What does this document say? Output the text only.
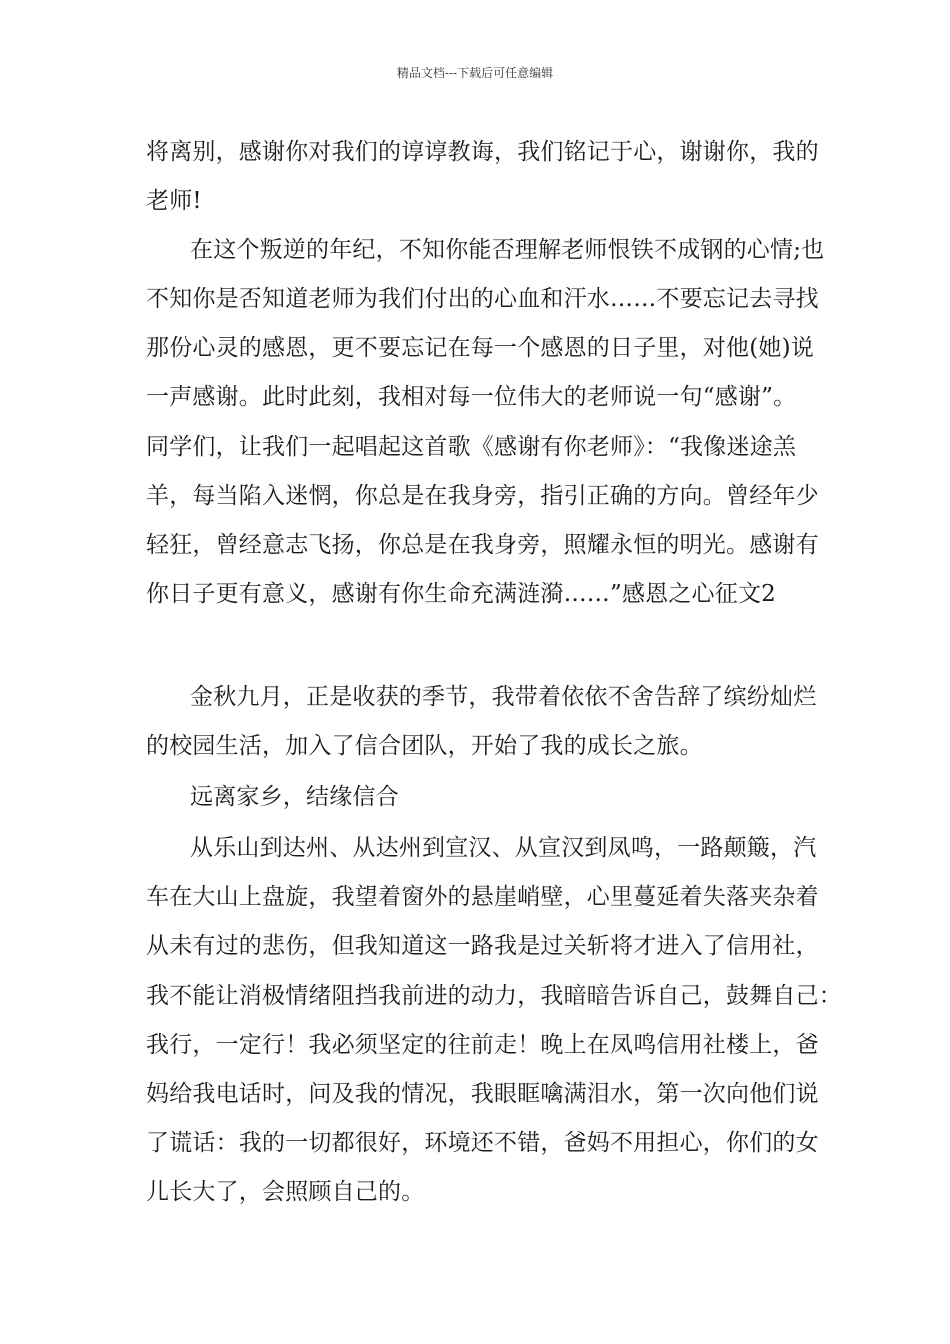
精品文档---下载后可任意编辑
将离别，感谢你对我们的谆谆教诲，我们铭记于心，谢谢你，我的
老师!
在这个叛逆的年纪，不知你能否理解老师恨铁不成钢的心情;也
不知你是否知道老师为我们付出的心血和汗水……不要忘记去寻找
那份心灵的感恩，更不要忘记在每一个感恩的日子里，对他(她)说
一声感谢。此时此刻，我相对每一位伟大的老师说一句“感谢”。
同学们，让我们一起唱起这首歌《感谢有你老师》：“我像迷途羔
羊，每当陷入迷惘，你总是在我身旁，指引正确的方向。曾经年少
轻狂，曾经意志飞扬，你总是在我身旁，照耀永恒的明光。感谢有
你日子更有意义，感谢有你生命充满涟漪……”感恩之心征文2
金秋九月，正是收获的季节，我带着依依不舍告辞了缤纷灿烂
的校园生活，加入了信合团队，开始了我的成长之旅。
远离家乡，结缘信合
从乐山到达州、从达州到宣汉、从宣汉到凤鸣，一路颠簸，汽
车在大山上盘旋，我望着窗外的悬崖峭壁，心里蔓延着失落夹杂着
从未有过的悲伤，但我知道这一路我是过关斩将才进入了信用社，
我不能让消极情绪阻挡我前进的动力，我暗暗告诉自己，鼓舞自己：
我行，一定行！我必须坚定的往前走！晚上在凤鸣信用社楼上，爸
妈给我电话时，问及我的情况，我眼眶噙满泪水，第一次向他们说
了谎话：我的一切都很好，环境还不错，爸妈不用担心，你们的女
儿长大了，会照顾自己的。
